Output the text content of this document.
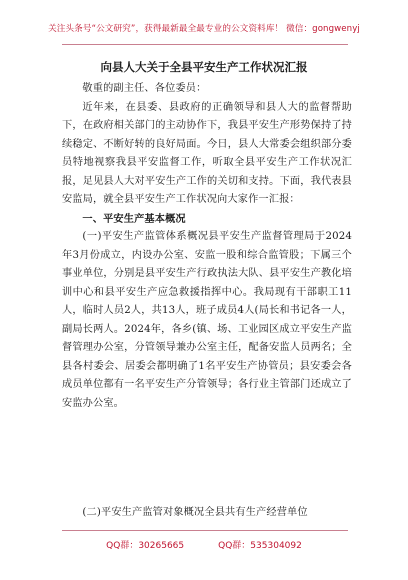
关注头条号“公文研究”，获得最新最全最专业的公文资料库！ 微信：gongwenyj
向县人大关于全县平安生产工作状况汇报

敬重的副主任、各位委员：

近年来，在县委、县政府的正确领导和县人大的监督帮助下，在政府相关部门的主动协作下，我县平安生产形势保持了持续稳定、不断好转的良好局面。今日，县人大常委会组织部分委员特地视察我县平安监督工作，听取全县平安生产工作状况汇报，足见县人大对平安生产工作的关切和支持。下面，我代表县安监局，就全县平安生产工作状况向大家作一汇报：

一、平安生产基本概况

(一)平安生产监管体系概况县平安生产监督管理局于2024年3月份成立，内设办公室、安监一股和综合监管股；下属三个事业单位，分别是县平安生产行政执法大队、县平安生产教化培训中心和县平安生产应急救援指挥中心。我局现有干部职工11人，临时人员2人，共13人，班子成员4人(局长和书记各一人，副局长两人。2024年，各乡(镇、场、工业园区成立平安生产监督管理办公室，分管领导兼办公室主任，配备安监人员两名；全县各村委会、居委会都明确了1名平安生产协管员；县安委会各成员单位都有一名平安生产分管领导；各行业主管部门还成立了安监办公室。

(二)平安生产监管对象概况全县共有生产经营单位

QQ群：30265665	QQ群：535304092
